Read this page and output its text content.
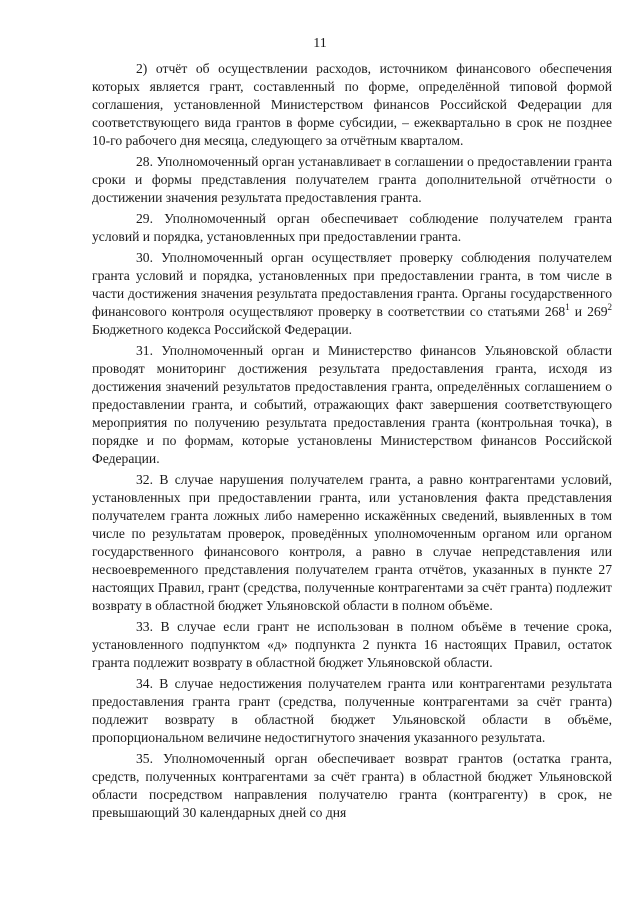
11

2) отчёт об осуществлении расходов, источником финансового обеспечения которых является грант, составленный по форме, определённой типовой формой соглашения, установленной Министерством финансов Российской Федерации для соответствующего вида грантов в форме субсидии, – ежеквартально в срок не позднее 10-го рабочего дня месяца, следующего за отчётным кварталом.

28. Уполномоченный орган устанавливает в соглашении о предоставлении гранта сроки и формы представления получателем гранта дополнительной отчётности о достижении значения результата предоставления гранта.

29. Уполномоченный орган обеспечивает соблюдение получателем гранта условий и порядка, установленных при предоставлении гранта.

30. Уполномоченный орган осуществляет проверку соблюдения получателем гранта условий и порядка, установленных при предоставлении гранта, в том числе в части достижения значения результата предоставления гранта. Органы государственного финансового контроля осуществляют проверку в соответствии со статьями $268^1$ и $269^2$ Бюджетного кодекса Российской Федерации.

31. Уполномоченный орган и Министерство финансов Ульяновской области проводят мониторинг достижения результата предоставления гранта, исходя из достижения значений результатов предоставления гранта, определённых соглашением о предоставлении гранта, и событий, отражающих факт завершения соответствующего мероприятия по получению результата предоставления гранта (контрольная точка), в порядке и по формам, которые установлены Министерством финансов Российской Федерации.

32. В случае нарушения получателем гранта, а равно контрагентами условий, установленных при предоставлении гранта, или установления факта представления получателем гранта ложных либо намеренно искажённых сведений, выявленных в том числе по результатам проверок, проведённых уполномоченным органом или органом государственного финансового контроля, а равно в случае непредставления или несвоевременного представления получателем гранта отчётов, указанных в пункте 27 настоящих Правил, грант (средства, полученные контрагентами за счёт гранта) подлежит возврату в областной бюджет Ульяновской области в полном объёме.

33. В случае если грант не использован в полном объёме в течение срока, установленного подпунктом «д» подпункта 2 пункта 16 настоящих Правил, остаток гранта подлежит возврату в областной бюджет Ульяновской области.

34. В случае недостижения получателем гранта или контрагентами результата предоставления гранта грант (средства, полученные контрагентами за счёт гранта) подлежит возврату в областной бюджет Ульяновской области в объёме, пропорциональном величине недостигнутого значения указанного результата.

35. Уполномоченный орган обеспечивает возврат грантов (остатка гранта, средств, полученных контрагентами за счёт гранта) в областной бюджет Ульяновской области посредством направления получателю гранта (контрагенту) в срок, не превышающий 30 календарных дней со дня
